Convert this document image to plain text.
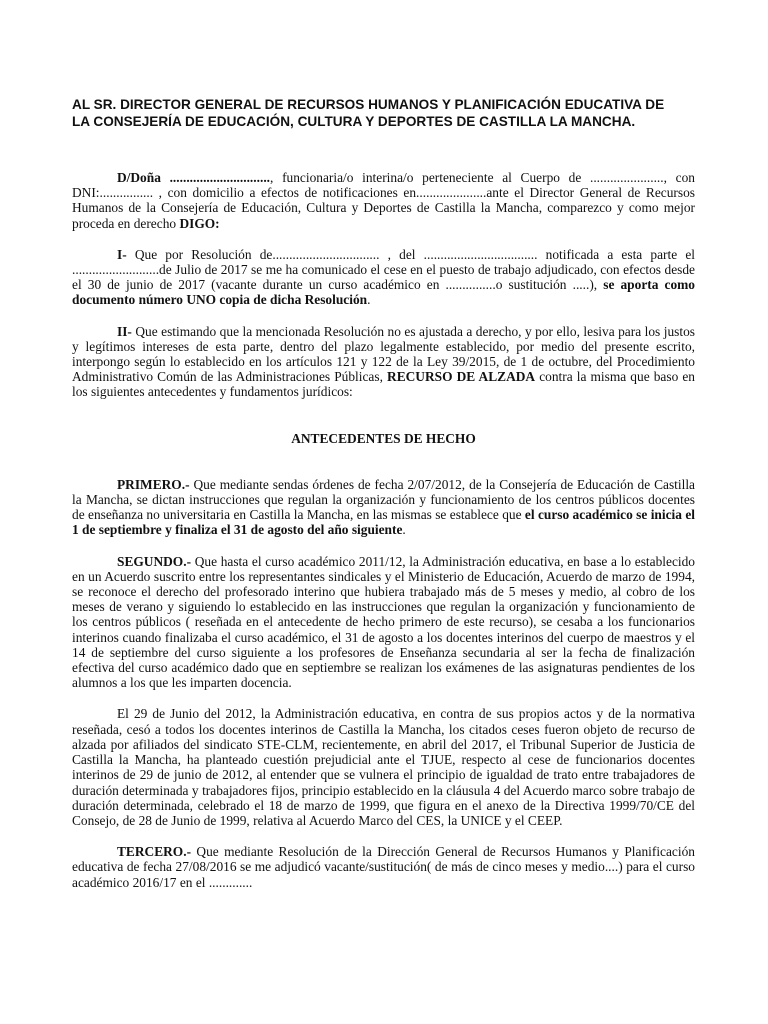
AL SR. DIRECTOR GENERAL DE RECURSOS HUMANOS Y PLANIFICACIÓN EDUCATIVA DE
LA CONSEJERÍA DE EDUCACIÓN, CULTURA Y DEPORTES DE CASTILLA LA MANCHA.

D/Doña .............................., funcionaria/o interina/o perteneciente al Cuerpo de ......................, con DNI:................ , con domicilio a efectos de notificaciones en.....................ante el Director General de Recursos Humanos de la Consejería de Educación, Cultura y Deportes de Castilla la Mancha, comparezco y como mejor proceda en derecho DIGO:

I- Que por Resolución de................................ , del .................................. notificada a esta parte el ..........................de Julio de 2017 se me ha comunicado el cese en el puesto de trabajo adjudicado, con efectos desde el 30 de junio de 2017 (vacante durante un curso académico en ...............o sustitución .....), se aporta como documento número UNO copia de dicha Resolución.

II- Que estimando que la mencionada Resolución no es ajustada a derecho, y por ello, lesiva para los justos y legítimos intereses de esta parte, dentro del plazo legalmente establecido, por medio del presente escrito, interpongo según lo establecido en los artículos 121 y 122 de la Ley 39/2015, de 1 de octubre, del Procedimiento Administrativo Común de las Administraciones Públicas, RECURSO DE ALZADA contra la misma que baso en los siguientes antecedentes y fundamentos jurídicos:

ANTECEDENTES DE HECHO

PRIMERO.- Que mediante sendas órdenes de fecha 2/07/2012, de la Consejería de Educación de Castilla la Mancha, se dictan instrucciones que regulan la organización y funcionamiento de los centros públicos docentes de enseñanza no universitaria en Castilla la Mancha, en las mismas se establece que el curso académico se inicia el 1 de septiembre y finaliza el 31 de agosto del año siguiente.

SEGUNDO.- Que hasta el curso académico 2011/12, la Administración educativa, en base a lo establecido en un Acuerdo suscrito entre los representantes sindicales y el Ministerio de Educación, Acuerdo de marzo de 1994, se reconoce el derecho del profesorado interino que hubiera trabajado más de 5 meses y medio, al cobro de los meses de verano y siguiendo lo establecido en las instrucciones que regulan la organización y funcionamiento de los centros públicos ( reseñada en el antecedente de hecho primero de este recurso), se cesaba a los funcionarios interinos cuando finalizaba el curso académico, el 31 de agosto a los docentes interinos del cuerpo de maestros y el 14 de septiembre del curso siguiente a los profesores de Enseñanza secundaria al ser la fecha de finalización efectiva del curso académico dado que en septiembre se realizan los exámenes de las asignaturas pendientes de los alumnos a los que les imparten docencia.

El 29 de Junio del 2012, la Administración educativa, en contra de sus propios actos y de la normativa reseñada, cesó a todos los docentes interinos de Castilla la Mancha, los citados ceses fueron objeto de recurso de alzada por afiliados del sindicato STE-CLM, recientemente, en abril del 2017, el Tribunal Superior de Justicia de Castilla la Mancha, ha planteado cuestión prejudicial ante el TJUE, respecto al cese de funcionarios docentes interinos de 29 de junio de 2012, al entender que se vulnera el principio de igualdad de trato entre trabajadores de duración determinada y trabajadores fijos, principio establecido en la cláusula 4 del Acuerdo marco sobre trabajo de duración determinada, celebrado el 18 de marzo de 1999, que figura en el anexo de la Directiva 1999/70/CE del Consejo, de 28 de Junio de 1999, relativa al Acuerdo Marco del CES, la UNICE y el CEEP.

TERCERO.- Que mediante Resolución de la Dirección General de Recursos Humanos y Planificación educativa de fecha 27/08/2016 se me adjudicó vacante/sustitución( de más de cinco meses y medio....) para el curso académico 2016/17 en el .............
